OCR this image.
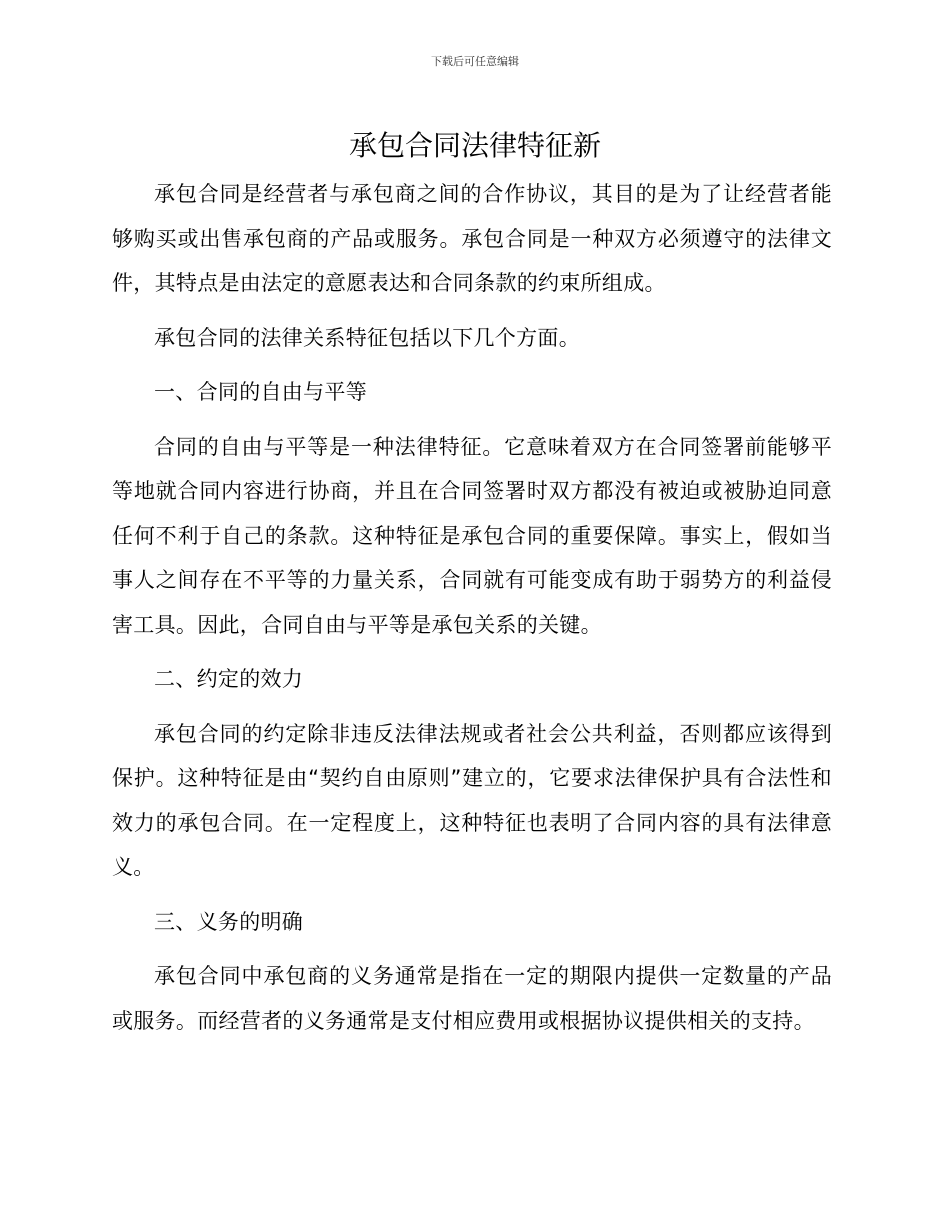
下载后可任意编辑
承包合同法律特征新

承包合同是经营者与承包商之间的合作协议，其目的是为了让经营者能够购买或出售承包商的产品或服务。承包合同是一种双方必须遵守的法律文件，其特点是由法定的意愿表达和合同条款的约束所组成。

承包合同的法律关系特征包括以下几个方面。

一、合同的自由与平等

合同的自由与平等是一种法律特征。它意味着双方在合同签署前能够平等地就合同内容进行协商，并且在合同签署时双方都没有被迫或被胁迫同意任何不利于自己的条款。这种特征是承包合同的重要保障。事实上，假如当事人之间存在不平等的力量关系，合同就有可能变成有助于弱势方的利益侵害工具。因此，合同自由与平等是承包关系的关键。

二、约定的效力

承包合同的约定除非违反法律法规或者社会公共利益，否则都应该得到保护。这种特征是由“契约自由原则”建立的，它要求法律保护具有合法性和效力的承包合同。在一定程度上，这种特征也表明了合同内容的具有法律意义。

三、义务的明确

承包合同中承包商的义务通常是指在一定的期限内提供一定数量的产品或服务。而经营者的义务通常是支付相应费用或根据协议提供相关的支持。
